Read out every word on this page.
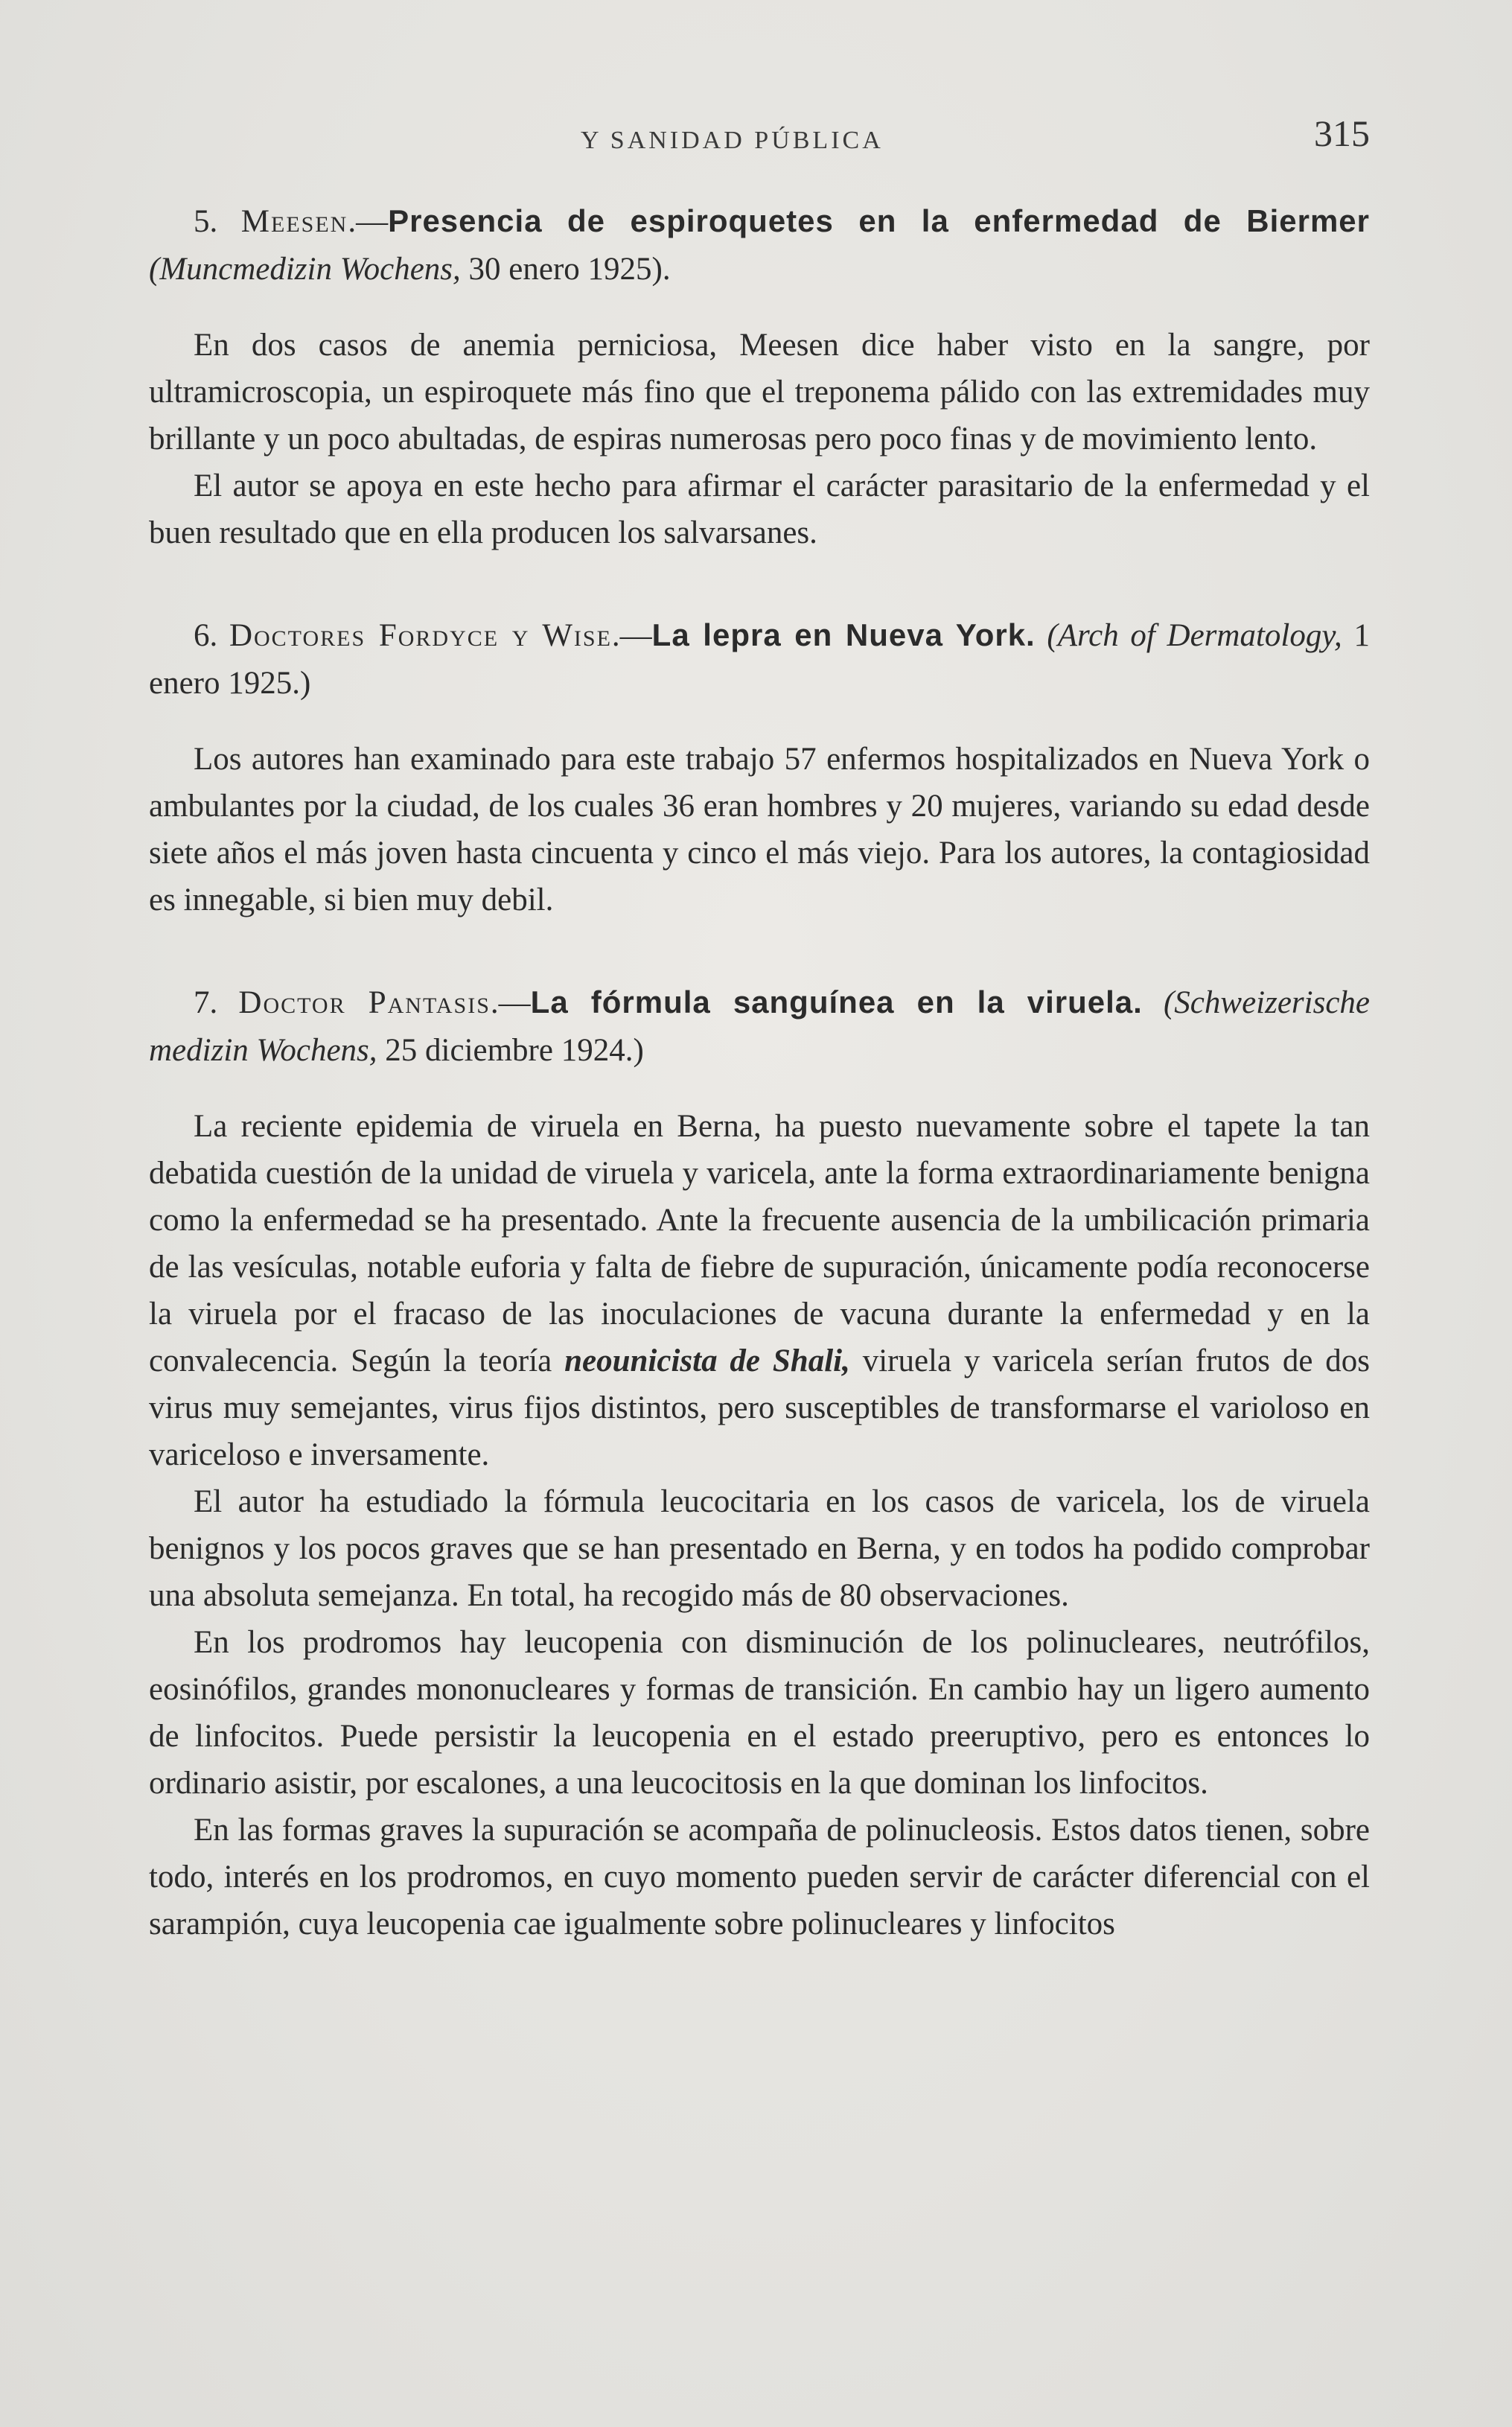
Y SANIDAD PÚBLICA	315
5. Meesen.—Presencia de espiroquetes en la enfermedad de Biermer (Muncmedizin Wochens, 30 enero 1925).

En dos casos de anemia perniciosa, Meesen dice haber visto en la sangre, por ultramicroscopia, un espiroquete más fino que el treponema pálido con las extremidades muy brillante y un poco abultadas, de espiras numerosas pero poco finas y de movimiento lento.

El autor se apoya en este hecho para afirmar el carácter parasitario de la enfermedad y el buen resultado que en ella producen los salvarsanes.

6. Doctores Fordyce y Wise.—La lepra en Nueva York. (Arch of Dermatology, 1 enero 1925.)

Los autores han examinado para este trabajo 57 enfermos hospitalizados en Nueva York o ambulantes por la ciudad, de los cuales 36 eran hombres y 20 mujeres, variando su edad desde siete años el más joven hasta cincuenta y cinco el más viejo. Para los autores, la contagiosidad es innegable, si bien muy debil.

7. Doctor Pantasis.—La fórmula sanguínea en la viruela. (Schweizerische medizin Wochens, 25 diciembre 1924.)

La reciente epidemia de viruela en Berna, ha puesto nuevamente sobre el tapete la tan debatida cuestión de la unidad de viruela y varicela, ante la forma extraordinariamente benigna como la enfermedad se ha presentado. Ante la frecuente ausencia de la umbilicación primaria de las vesículas, notable euforia y falta de fiebre de supuración, únicamente podía reconocerse la viruela por el fracaso de las inoculaciones de vacuna durante la enfermedad y en la convalecencia. Según la teoría neounicista de Shali, viruela y varicela serían frutos de dos virus muy semejantes, virus fijos distintos, pero susceptibles de transformarse el varioloso en variceloso e inversamente.

El autor ha estudiado la fórmula leucocitaria en los casos de varicela, los de viruela benignos y los pocos graves que se han presentado en Berna, y en todos ha podido comprobar una absoluta semejanza. En total, ha recogido más de 80 observaciones.

En los prodromos hay leucopenia con disminución de los polinucleares, neutrófilos, eosinófilos, grandes mononucleares y formas de transición. En cambio hay un ligero aumento de linfocitos. Puede persistir la leucopenia en el estado preeruptivo, pero es entonces lo ordinario asistir, por escalones, a una leucocitosis en la que dominan los linfocitos.

En las formas graves la supuración se acompaña de polinucleosis. Estos datos tienen, sobre todo, interés en los prodromos, en cuyo momento pueden servir de carácter diferencial con el sarampión, cuya leucopenia cae igualmente sobre polinucleares y linfocitos
